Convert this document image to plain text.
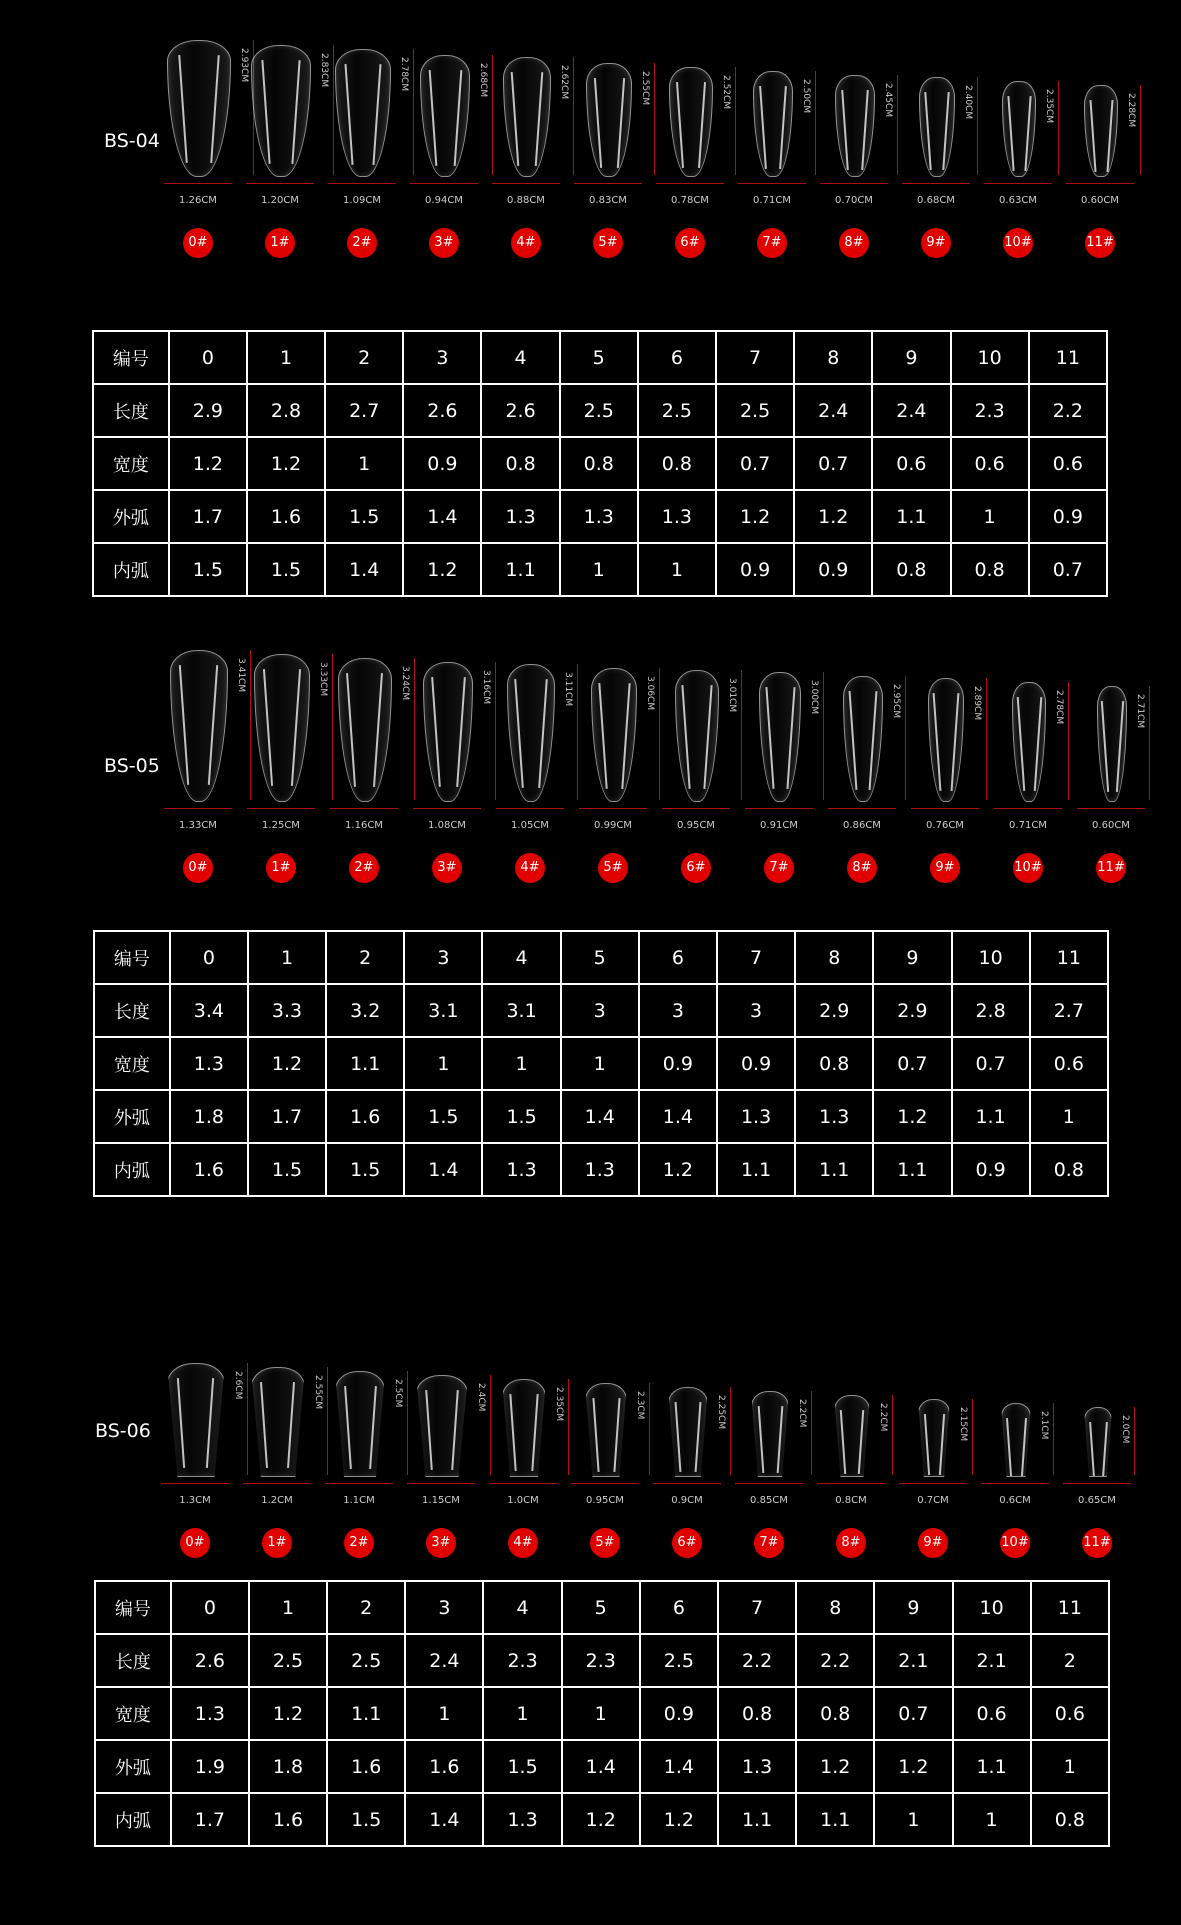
BS-04
2.93CM
1.26CM
0#
2.83CM
1.20CM
1#
2.78CM
1.09CM
2#
2.68CM
0.94CM
3#
2.62CM
0.88CM
4#
2.55CM
0.83CM
5#
2.52CM
0.78CM
6#
2.50CM
0.71CM
7#
2.45CM
0.70CM
8#
2.40CM
0.68CM
9#
2.35CM
0.63CM
10#
2.28CM
0.60CM
11#
编号	0	1	2	3	4	5	6	7	8	9	10	11
长度	2.9	2.8	2.7	2.6	2.6	2.5	2.5	2.5	2.4	2.4	2.3	2.2
宽度	1.2	1.2	1	0.9	0.8	0.8	0.8	0.7	0.7	0.6	0.6	0.6
外弧	1.7	1.6	1.5	1.4	1.3	1.3	1.3	1.2	1.2	1.1	1	0.9
内弧	1.5	1.5	1.4	1.2	1.1	1	1	0.9	0.9	0.8	0.8	0.7
BS-05
3.41CM
1.33CM
0#
3.33CM
1.25CM
1#
3.24CM
1.16CM
2#
3.16CM
1.08CM
3#
3.11CM
1.05CM
4#
3.06CM
0.99CM
5#
3.01CM
0.95CM
6#
3.00CM
0.91CM
7#
2.95CM
0.86CM
8#
2.89CM
0.76CM
9#
2.78CM
0.71CM
10#
2.71CM
0.60CM
11#
编号	0	1	2	3	4	5	6	7	8	9	10	11
长度	3.4	3.3	3.2	3.1	3.1	3	3	3	2.9	2.9	2.8	2.7
宽度	1.3	1.2	1.1	1	1	1	0.9	0.9	0.8	0.7	0.7	0.6
外弧	1.8	1.7	1.6	1.5	1.5	1.4	1.4	1.3	1.3	1.2	1.1	1
内弧	1.6	1.5	1.5	1.4	1.3	1.3	1.2	1.1	1.1	1.1	0.9	0.8
BS-06
2.6CM
1.3CM
0#
2.55CM
1.2CM
1#
2.5CM
1.1CM
2#
2.4CM
1.15CM
3#
2.35CM
1.0CM
4#
2.3CM
0.95CM
5#
2.25CM
0.9CM
6#
2.2CM
0.85CM
7#
2.2CM
0.8CM
8#
2.15CM
0.7CM
9#
2.1CM
0.6CM
10#
2.0CM
0.65CM
11#
编号	0	1	2	3	4	5	6	7	8	9	10	11
长度	2.6	2.5	2.5	2.4	2.3	2.3	2.5	2.2	2.2	2.1	2.1	2
宽度	1.3	1.2	1.1	1	1	1	0.9	0.8	0.8	0.7	0.6	0.6
外弧	1.9	1.8	1.6	1.6	1.5	1.4	1.4	1.3	1.2	1.2	1.1	1
内弧	1.7	1.6	1.5	1.4	1.3	1.2	1.2	1.1	1.1	1	1	0.8
